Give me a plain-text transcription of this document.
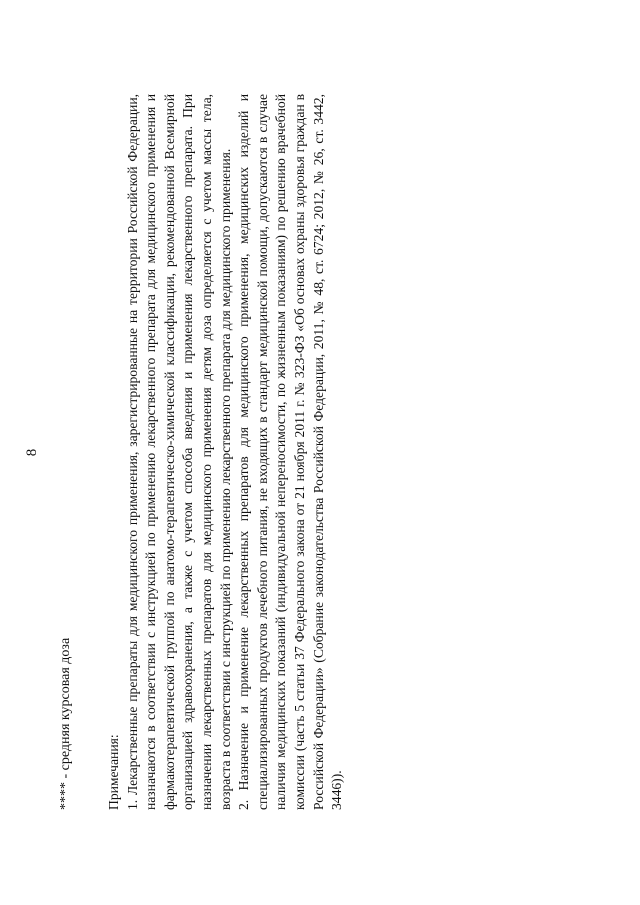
8
**** - средняя курсовая доза Примечания: 1. Лекарственные препараты для медицинского применения, зарегистрированные на территории Российской Федерации, назначаются в соответствии с инструкцией по применению лекарственного препарата для медицинского применения и фармакотерапевтической группой по анатомо-терапевтическо-химической классификации, рекомендованной Всемирной организацией здравоохранения, а также с учетом способа введения и применения лекарственного препарата. При назначении лекарственных препаратов для медицинского применения детям доза определяется с учетом массы тела, возраста в соответствии с инструкцией по применению лекарственного препарата для медицинского применения. 2. Назначение и применение лекарственных препаратов для медицинского применения, медицинских изделий и специализированных продуктов лечебного питания, не входящих в стандарт медицинской помощи, допускаются в случае наличия медицинских показаний (индивидуальной непереносимости, по жизненным показаниям) по решению врачебной комиссии (часть 5 статьи 37 Федерального закона от 21 ноября 2011 г. № 323-ФЗ «Об основах охраны здоровья граждан в Российской Федерации» (Собрание законодательства Российской Федерации, 2011, № 48, ст. 6724; 2012, № 26, ст. 3442, 3446)).
